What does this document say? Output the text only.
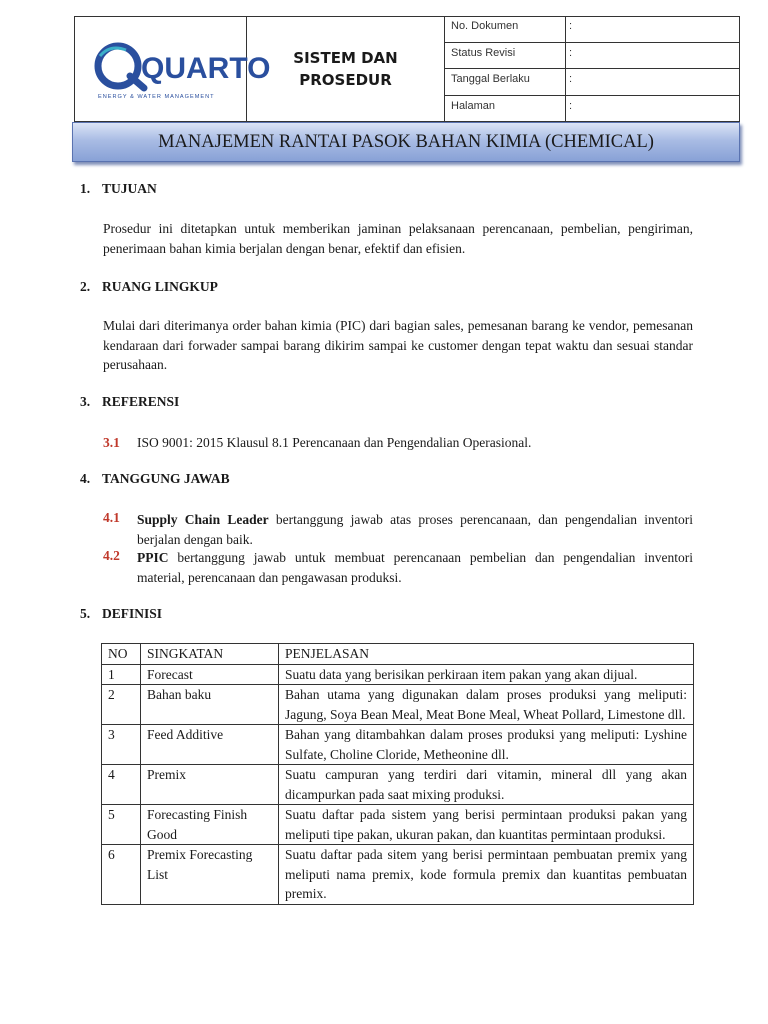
QUARTO
ENERGY & WATER MANAGEMENT
SISTEM DAN
PROSEDUR
No. Dokumen	:
Status Revisi	:
Tanggal Berlaku	:
Halaman	:
MANAJEMEN RANTAI PASOK BAHAN KIMIA (CHEMICAL)
1. TUJUAN

Prosedur ini ditetapkan untuk memberikan jaminan pelaksanaan perencanaan, pembelian, pengiriman, penerimaan bahan kimia berjalan dengan benar, efektif dan efisien.

2. RUANG LINGKUP

Mulai dari diterimanya order bahan kimia (PIC) dari bagian sales, pemesanan barang ke vendor, pemesanan kendaraan dari forwader sampai barang dikirim sampai ke customer dengan tepat waktu dan sesuai standar perusahaan.

3. REFERENSI
3.1 ISO 9001: 2015 Klausul 8.1 Perencanaan dan Pengendalian Operasional.
4. TANGGUNG JAWAB
4.1 Supply Chain Leader bertanggung jawab atas proses perencanaan, dan pengendalian inventori berjalan dengan baik.
4.2 PPIC bertanggung jawab untuk membuat perencanaan pembelian dan pengendalian inventori material, perencanaan dan pengawasan produksi.
5. DEFINISI
NO	SINGKATAN	PENJELASAN
1	Forecast	Suatu data yang berisikan perkiraan item pakan yang akan dijual.
2	Bahan baku	Bahan utama yang digunakan dalam proses produksi yang meliputi: Jagung, Soya Bean Meal, Meat Bone Meal, Wheat Pollard, Limestone dll.
3	Feed Additive	Bahan yang ditambahkan dalam proses produksi yang meliputi: Lyshine Sulfate, Choline Cloride, Metheonine dll.
4	Premix	Suatu campuran yang terdiri dari vitamin, mineral dll yang akan dicampurkan pada saat mixing produksi.
5	Forecasting Finish Good	Suatu daftar pada sistem yang berisi permintaan produksi pakan yang meliputi tipe pakan, ukuran pakan, dan kuantitas permintaan produksi.
6	Premix Forecasting List	Suatu daftar pada sitem yang berisi permintaan pembuatan premix yang meliputi nama premix, kode formula premix dan kuantitas pembuatan premix.
